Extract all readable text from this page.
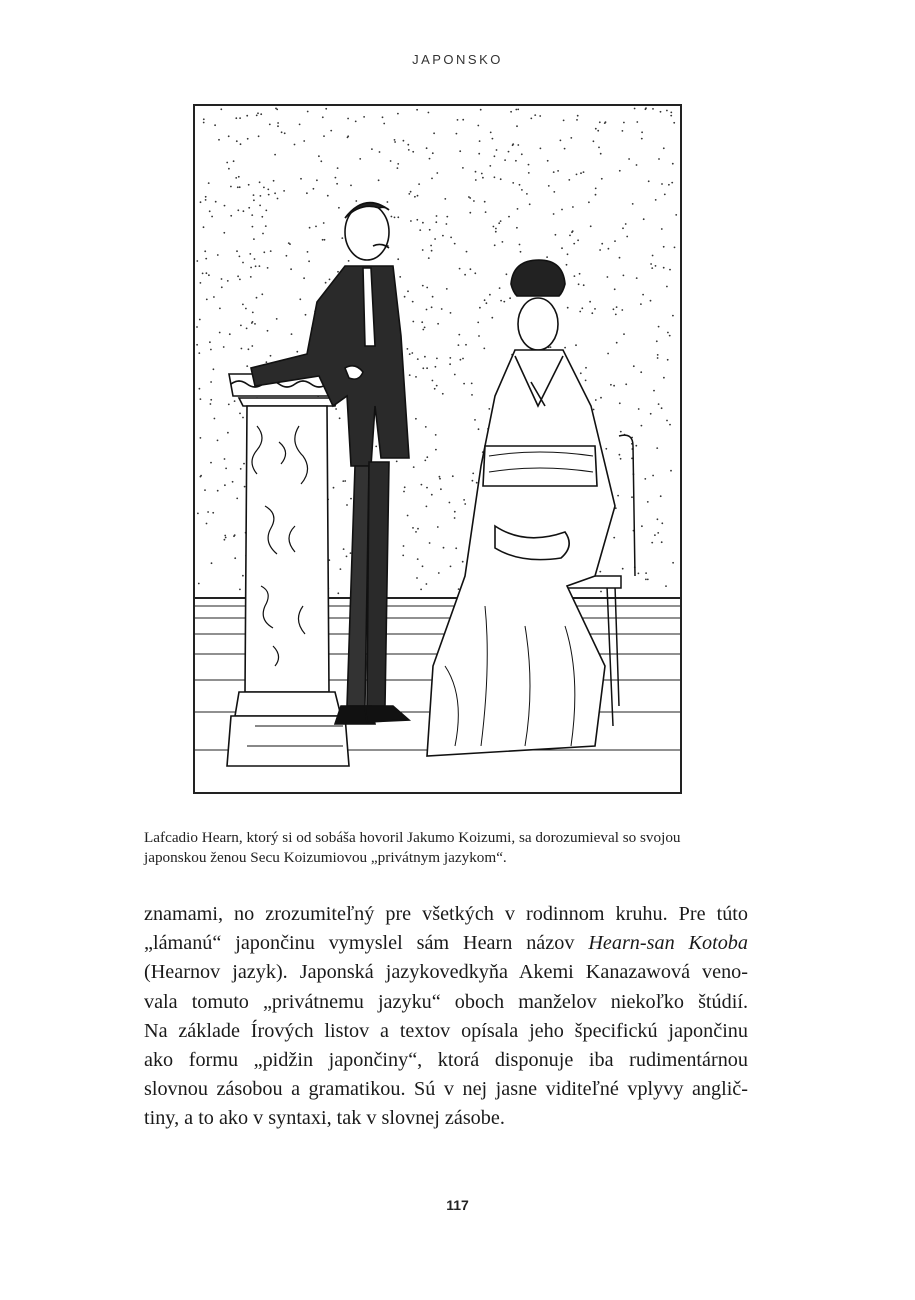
JAPONSKO
Lafcadio Hearn, ktorý si od sobáša hovoril Jakumo Koizumi, sa dorozumieval so svojou
japonskou ženou Secu Koizumiovou „privátnym jazykom“.
znamami, no zrozumiteľný pre všetkých v rodinnom kruhu. Pre túto
„lámanú“ japončinu vymyslel sám Hearn názov Hearn-san Kotoba
(Hearnov jazyk). Japonská jazykovedkyňa Akemi Kanazawová veno-
vala tomuto „privátnemu jazyku“ oboch manželov niekoľko štúdií.
Na základe Írových listov a textov opísala jeho špecifickú japončinu
ako formu „pidžin japončiny“, ktorá disponuje iba rudimentárnou
slovnou zásobou a gramatikou. Sú v nej jasne viditeľné vplyvy anglič-
tiny, a to ako v syntaxi, tak v slovnej zásobe.
117
